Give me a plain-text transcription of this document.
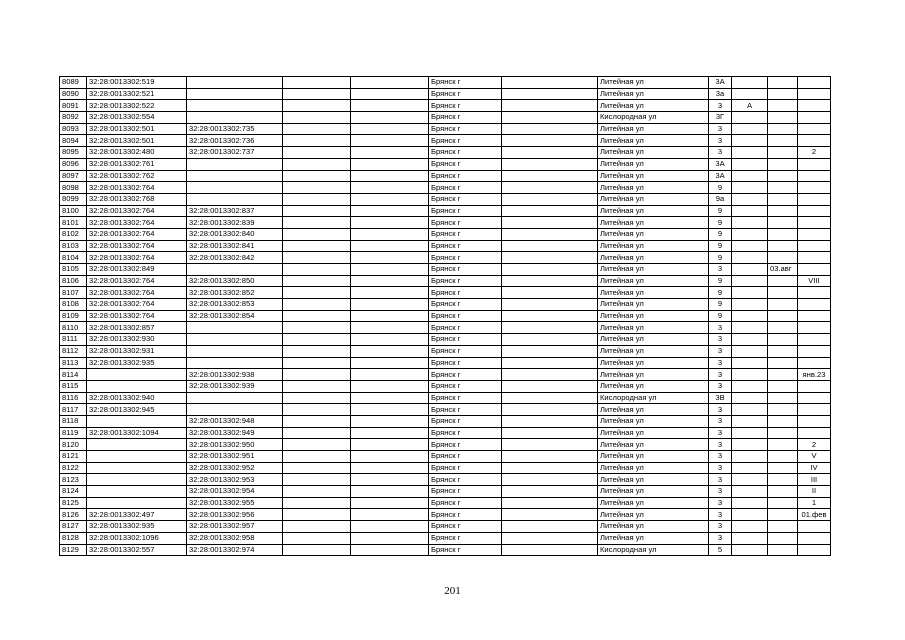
8089	32:28:0013302:519				Брянск г		Литейная ул	3А			
8090	32:28:0013302:521				Брянск г		Литейная ул	3а			
8091	32:28:0013302:522				Брянск г		Литейная ул	3	А		
8092	32:28:0013302:554				Брянск г		Кислородная ул	3Г			
8093	32:28:0013302:501	32:28:0013302:735			Брянск г		Литейная ул	3			
8094	32:28:0013302:501	32:28:0013302:736			Брянск г		Литейная ул	3			
8095	32:28:0013302:480	32:28:0013302:737			Брянск г		Литейная ул	3			2
8096	32:28:0013302:761				Брянск г		Литейная ул	3А			
8097	32:28:0013302:762				Брянск г		Литейная ул	3А			
8098	32:28:0013302:764				Брянск г		Литейная ул	9			
8099	32:28:0013302:768				Брянск г		Литейная ул	9а			
8100	32:28:0013302:764	32:28:0013302:837			Брянск г		Литейная ул	9			
8101	32:28:0013302:764	32:28:0013302:839			Брянск г		Литейная ул	9			
8102	32:28:0013302:764	32:28:0013302:840			Брянск г		Литейная ул	9			
8103	32:28:0013302:764	32:28:0013302:841			Брянск г		Литейная ул	9			
8104	32:28:0013302:764	32:28:0013302:842			Брянск г		Литейная ул	9			
8105	32:28:0013302:849				Брянск г		Литейная ул	3		03.авг	
8106	32:28:0013302:764	32:28:0013302:850			Брянск г		Литейная ул	9			VIII
8107	32:28:0013302:764	32:28:0013302:852			Брянск г		Литейная ул	9			
8108	32:28:0013302:764	32:28:0013302:853			Брянск г		Литейная ул	9			
8109	32:28:0013302:764	32:28:0013302:854			Брянск г		Литейная ул	9			
8110	32:28:0013302:857				Брянск г		Литейная ул	3			
8111	32:28:0013302:930				Брянск г		Литейная ул	3			
8112	32:28:0013302:931				Брянск г		Литейная ул	3			
8113	32:28:0013302:935				Брянск г		Литейная ул	3			
8114		32:28:0013302:938			Брянск г		Литейная ул	3			янв.23
8115		32:28:0013302:939			Брянск г		Литейная ул	3			
8116	32:28:0013302:940				Брянск г		Кислородная ул	3В			
8117	32:28:0013302:945				Брянск г		Литейная ул	3			
8118		32:28:0013302:948			Брянск г		Литейная ул	3			
8119	32:28:0013302:1094	32:28:0013302:949			Брянск г		Литейная ул	3			
8120		32:28:0013302:950			Брянск г		Литейная ул	3			2
8121		32:28:0013302:951			Брянск г		Литейная ул	3			V
8122		32:28:0013302:952			Брянск г		Литейная ул	3			IV
8123		32:28:0013302:953			Брянск г		Литейная ул	3			III
8124		32:28:0013302:954			Брянск г		Литейная ул	3			II
8125		32:28:0013302:955			Брянск г		Литейная ул	3			1
8126	32:28:0013302:497	32:28:0013302:956			Брянск г		Литейная ул	3			01.фев
8127	32:28:0013302:935	32:28:0013302:957			Брянск г		Литейная ул	3			
8128	32:28:0013302:1096	32:28:0013302:958			Брянск г		Литейная ул	3			
8129	32:28:0013302:557	32:28:0013302:974			Брянск г		Кислородная ул	5			
201
